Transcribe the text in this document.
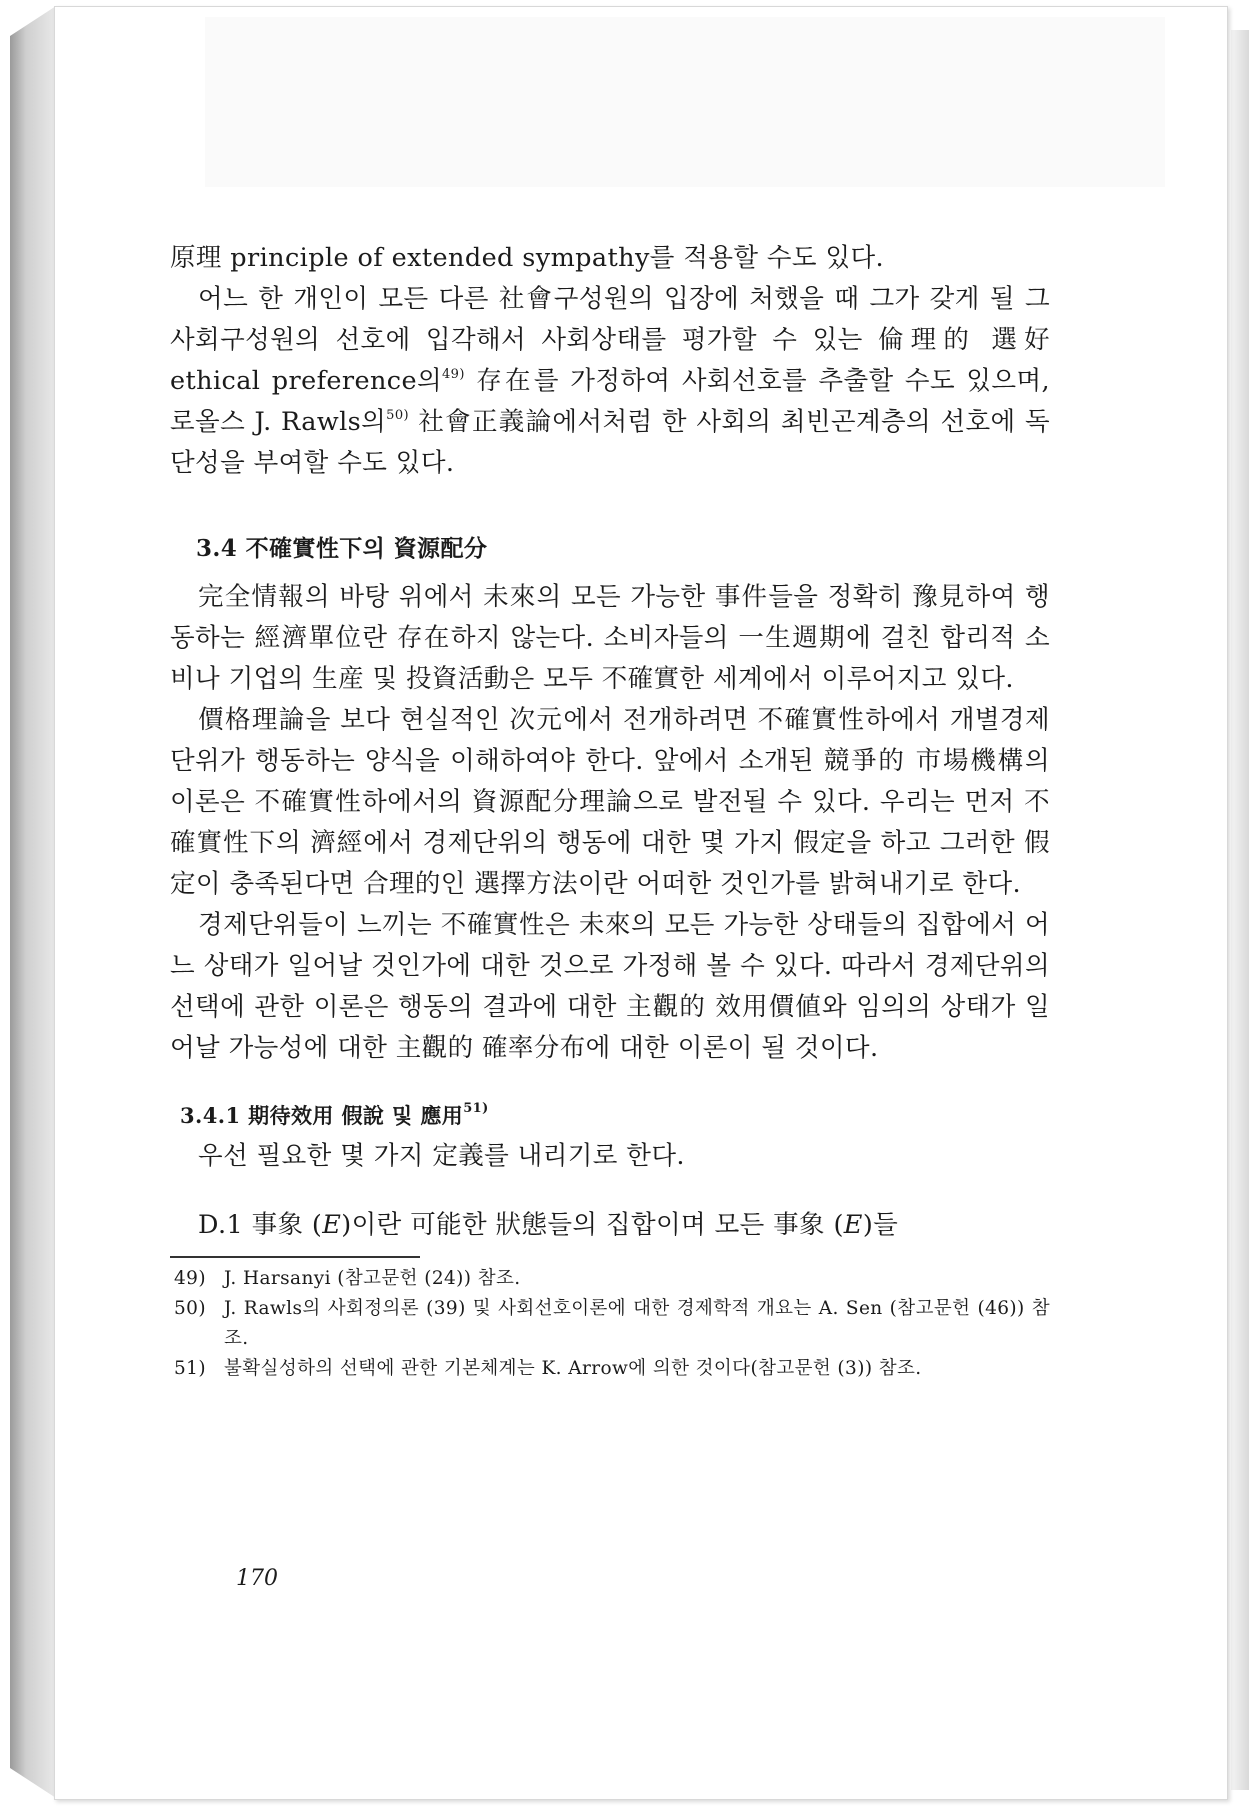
原理 principle of extended sympathy를 적용할 수도 있다.

어느 한 개인이 모든 다른 社會구성원의 입장에 처했을 때 그가 갖게 될 그 사회구성원의 선호에 입각해서 사회상태를 평가할 수 있는 倫理的 選好 ethical preference의$^{49)}$ 存在를 가정하여 사회선호를 추출할 수도 있으며, 로올스 J. Rawls의$^{50)}$ 社會正義論에서처럼 한 사회의 최빈곤계층의 선호에 독단성을 부여할 수도 있다.

3.4 不確實性下의 資源配分

完全情報의 바탕 위에서 未來의 모든 가능한 事件들을 정확히 豫見하여 행동하는 經濟單位란 存在하지 않는다. 소비자들의 一生週期에 걸친 합리적 소비나 기업의 生産 및 投資活動은 모두 不確實한 세계에서 이루어지고 있다.

價格理論을 보다 현실적인 次元에서 전개하려면 不確實性하에서 개별경제단위가 행동하는 양식을 이해하여야 한다. 앞에서 소개된 競爭的 市場機構의 이론은 不確實性하에서의 資源配分理論으로 발전될 수 있다. 우리는 먼저 不確實性下의 濟經에서 경제단위의 행동에 대한 몇 가지 假定을 하고 그러한 假定이 충족된다면 合理的인 選擇方法이란 어떠한 것인가를 밝혀내기로 한다.

경제단위들이 느끼는 不確實性은 未來의 모든 가능한 상태들의 집합에서 어느 상태가 일어날 것인가에 대한 것으로 가정해 볼 수 있다. 따라서 경제단위의 선택에 관한 이론은 행동의 결과에 대한 主觀的 效用價値와 임의의 상태가 일어날 가능성에 대한 主觀的 確率分布에 대한 이론이 될 것이다.

3.4.1 期待效用 假說 및 應用$^{51)}$

우선 필요한 몇 가지 定義를 내리기로 한다.

D.1 事象 (E)이란 可能한 狀態들의 집합이며 모든 事象 (E)들

49) J. Harsanyi (참고문헌 (24)) 참조.

50) J. Rawls의 사회정의론 (39) 및 사회선호이론에 대한 경제학적 개요는 A. Sen (참고문헌 (46)) 참조.

51) 불확실성하의 선택에 관한 기본체계는 K. Arrow에 의한 것이다(참고문헌 (3)) 참조.

170
